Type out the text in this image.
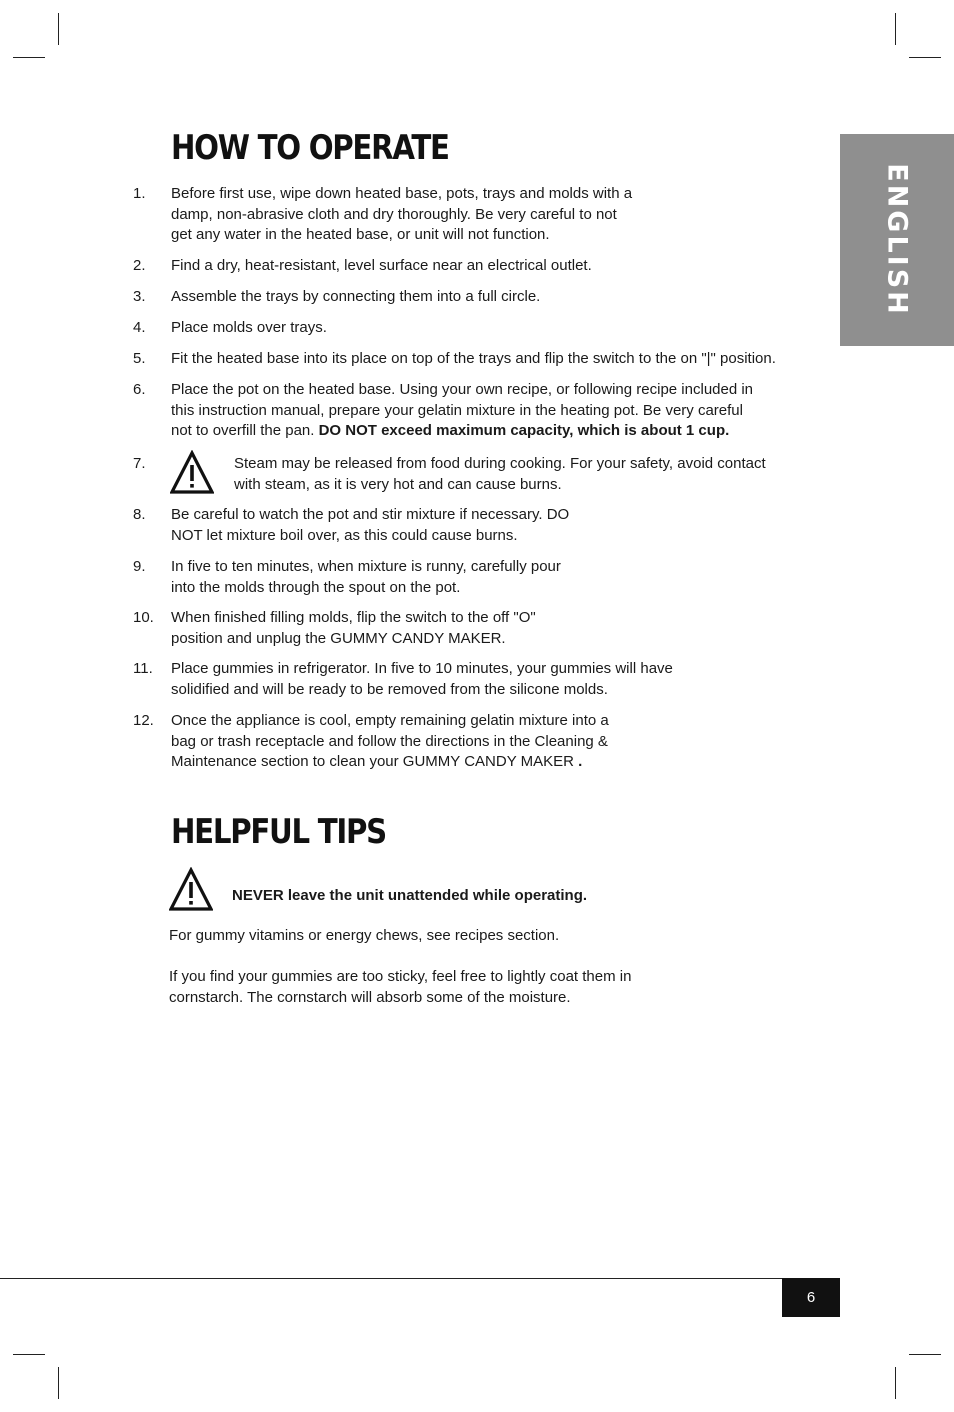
ENGLISH
HOW TO OPERATE
1. Before first use, wipe down heated base, pots, trays and molds with a
damp, non-abrasive cloth and dry thoroughly. Be very careful to not
get any water in the heated base, or unit will not function.
2. Find a dry, heat-resistant, level surface near an electrical outlet.
3. Assemble the trays by connecting them into a full circle.
4. Place molds over trays.
5. Fit the heated base into its place on top of the trays and flip the switch to the on "|" position.
6. Place the pot on the heated base. Using your own recipe, or following recipe included in
this instruction manual, prepare your gelatin mixture in the heating pot. Be very careful
not to overfill the pan. DO NOT exceed maximum capacity, which is about 1 cup.
7.	Steam may be released from food during cooking. For your safety, avoid contact
with steam, as it is very hot and can cause burns.
8. Be careful to watch the pot and stir mixture if necessary. DO
NOT let mixture boil over, as this could cause burns.
9. In five to ten minutes, when mixture is runny, carefully pour
into the molds through the spout on the pot.
10. When finished filling molds, flip the switch to the off "O"
position and unplug the GUMMY CANDY MAKER.
11. Place gummies in refrigerator. In five to 10 minutes, your gummies will have
solidified and will be ready to be removed from the silicone molds.
12. Once the appliance is cool, empty remaining gelatin mixture into a
bag or trash receptacle and follow the directions in the Cleaning &
Maintenance section to clean your GUMMY CANDY MAKER .
HELPFUL TIPS
NEVER leave the unit unattended while operating.
For gummy vitamins or energy chews, see recipes section.
If you find your gummies are too sticky, feel free to lightly coat them in
cornstarch. The cornstarch will absorb some of the moisture.
6
